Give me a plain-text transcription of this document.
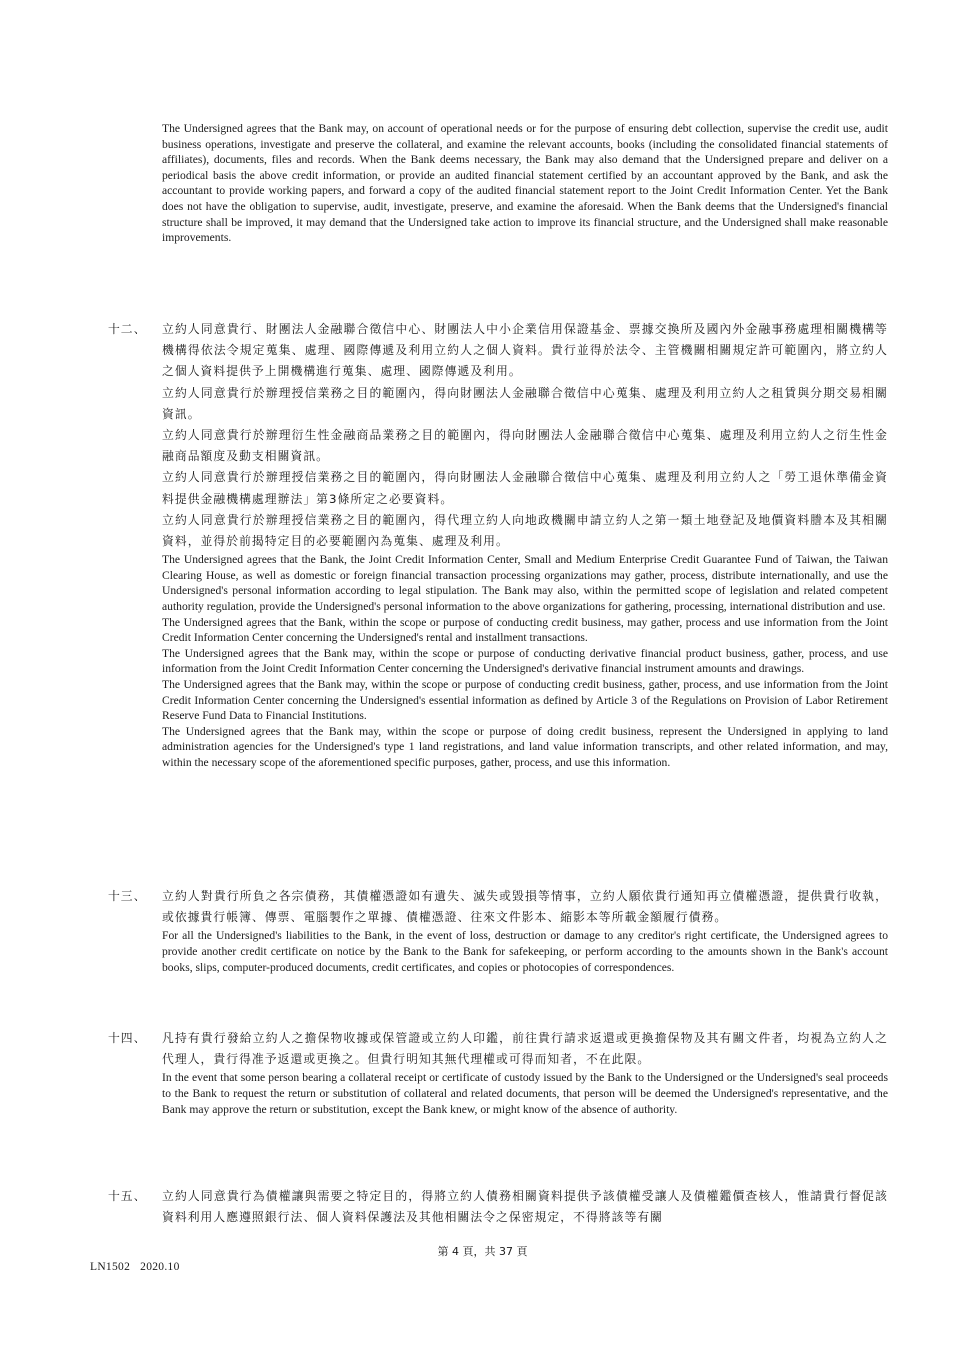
The Undersigned agrees that the Bank may, on account of operational needs or for the purpose of ensuring debt collection, supervise the credit use, audit business operations, investigate and preserve the collateral, and examine the relevant accounts, books (including the consolidated financial statements of affiliates), documents, files and records. When the Bank deems necessary, the Bank may also demand that the Undersigned prepare and deliver on a periodical basis the above credit information, or provide an audited financial statement certified by an accountant approved by the Bank, and ask the accountant to provide working papers, and forward a copy of the audited financial statement report to the Joint Credit Information Center. Yet the Bank does not have the obligation to supervise, audit, investigate, preserve, and examine the aforesaid. When the Bank deems that the Undersigned's financial structure shall be improved, it may demand that the Undersigned take action to improve its financial structure, and the Undersigned shall make reasonable improvements.

十二、	立約人同意貴行、財團法人金融聯合徵信中心、財團法人中小企業信用保證基金、票據交換所及國內外金融事務處理相關機構等機構得依法令規定蒐集、處理、國際傳遞及利用立約人之個人資料。貴行並得於法令、主管機關相關規定許可範圍內，將立約人之個人資料提供予上開機構進行蒐集、處理、國際傳遞及利用。

立約人同意貴行於辦理授信業務之目的範圍內，得向財團法人金融聯合徵信中心蒐集、處理及利用立約人之租賃與分期交易相關資訊。

立約人同意貴行於辦理衍生性金融商品業務之目的範圍內，得向財團法人金融聯合徵信中心蒐集、處理及利用立約人之衍生性金融商品額度及動支相關資訊。

立約人同意貴行於辦理授信業務之目的範圍內，得向財團法人金融聯合徵信中心蒐集、處理及利用立約人之「勞工退休準備金資料提供金融機構處理辦法」第3條所定之必要資料。

立約人同意貴行於辦理授信業務之目的範圍內，得代理立約人向地政機關申請立約人之第一類土地登記及地價資料謄本及其相關資料，並得於前揭特定目的必要範圍內為蒐集、處理及利用。

The Undersigned agrees that the Bank, the Joint Credit Information Center, Small and Medium Enterprise Credit Guarantee Fund of Taiwan, the Taiwan Clearing House, as well as domestic or foreign financial transaction processing organizations may gather, process, distribute internationally, and use the Undersigned's personal information according to legal stipulation. The Bank may also, within the permitted scope of legislation and related competent authority regulation, provide the Undersigned's personal information to the above organizations for gathering, processing, international distribution and use.

The Undersigned agrees that the Bank, within the scope or purpose of conducting credit business, may gather, process and use information from the Joint Credit Information Center concerning the Undersigned's rental and installment transactions.

The Undersigned agrees that the Bank may, within the scope or purpose of conducting derivative financial product business, gather, process, and use information from the Joint Credit Information Center concerning the Undersigned's derivative financial instrument amounts and drawings.

The Undersigned agrees that the Bank may, within the scope or purpose of conducting credit business, gather, process, and use information from the Joint Credit Information Center concerning the Undersigned's essential information as defined by Article 3 of the Regulations on Provision of Labor Retirement Reserve Fund Data to Financial Institutions.

The Undersigned agrees that the Bank may, within the scope or purpose of doing credit business, represent the Undersigned in applying to land administration agencies for the Undersigned's type 1 land registrations, and land value information transcripts, and other related information, and may, within the necessary scope of the aforementioned specific purposes, gather, process, and use this information.

十三、	立約人對貴行所負之各宗債務，其債權憑證如有遺失、滅失或毀損等情事，立約人願依貴行通知再立債權憑證，提供貴行收執，或依據貴行帳簿、傳票、電腦製作之單據、債權憑證、往來文件影本、縮影本等所載金額履行債務。

For all the Undersigned's liabilities to the Bank, in the event of loss, destruction or damage to any creditor's right certificate, the Undersigned agrees to provide another credit certificate on notice by the Bank to the Bank for safekeeping, or perform according to the amounts shown in the Bank's account books, slips, computer-produced documents, credit certificates, and copies or photocopies of correspondences.

十四、	凡持有貴行發給立約人之擔保物收據或保管證或立約人印鑑，前往貴行請求返還或更換擔保物及其有關文件者，均視為立約人之代理人，貴行得准予返還或更換之。但貴行明知其無代理權或可得而知者，不在此限。

In the event that some person bearing a collateral receipt or certificate of custody issued by the Bank to the Undersigned or the Undersigned's seal proceeds to the Bank to request the return or substitution of collateral and related documents, that person will be deemed the Undersigned's representative, and the Bank may approve the return or substitution, except the Bank knew, or might know of the absence of authority.

十五、	立約人同意貴行為債權讓與需要之特定目的，得將立約人債務相關資料提供予該債權受讓人及債權鑑價查核人，惟請貴行督促該資料利用人應遵照銀行法、個人資料保護法及其他相關法令之保密規定，不得將該等有關

第 4 頁，共 37 頁
LN1502 2020.10
